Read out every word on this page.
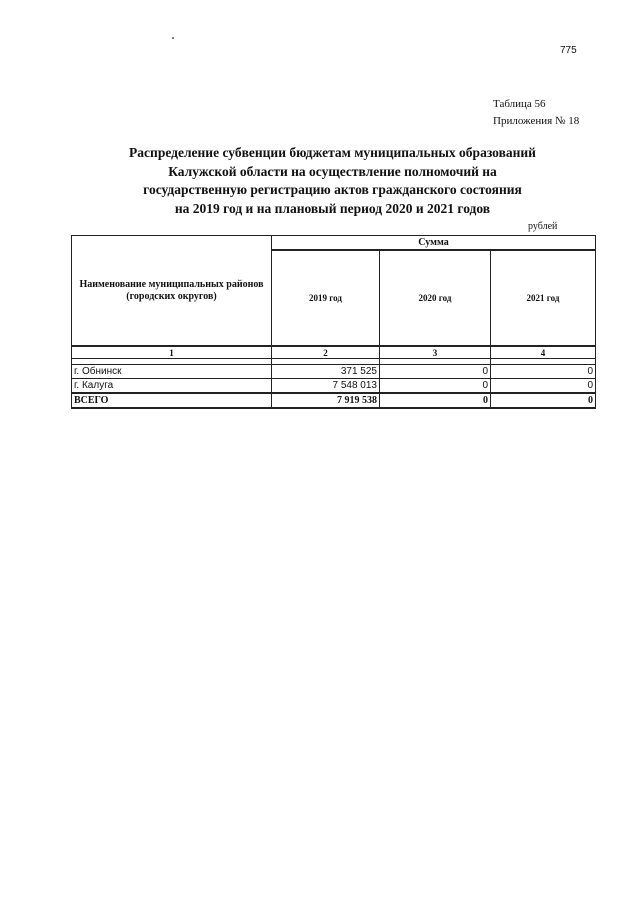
775
Таблица 56
Приложения № 18
Распределение субвенции бюджетам муниципальных образований
Калужской области на осуществление полномочий на
государственную регистрацию актов гражданского состояния
на 2019 год и на плановый период 2020 и 2021 годов
рублей
Наименование муниципальных районов (городских округов)	Сумма		
	2019 год	2020 год	2021 год
1	2	3	4

г. Обнинск	371 525	0	0
г. Калуга	7 548 013	0	0
ВСЕГО	7 919 538	0	0
